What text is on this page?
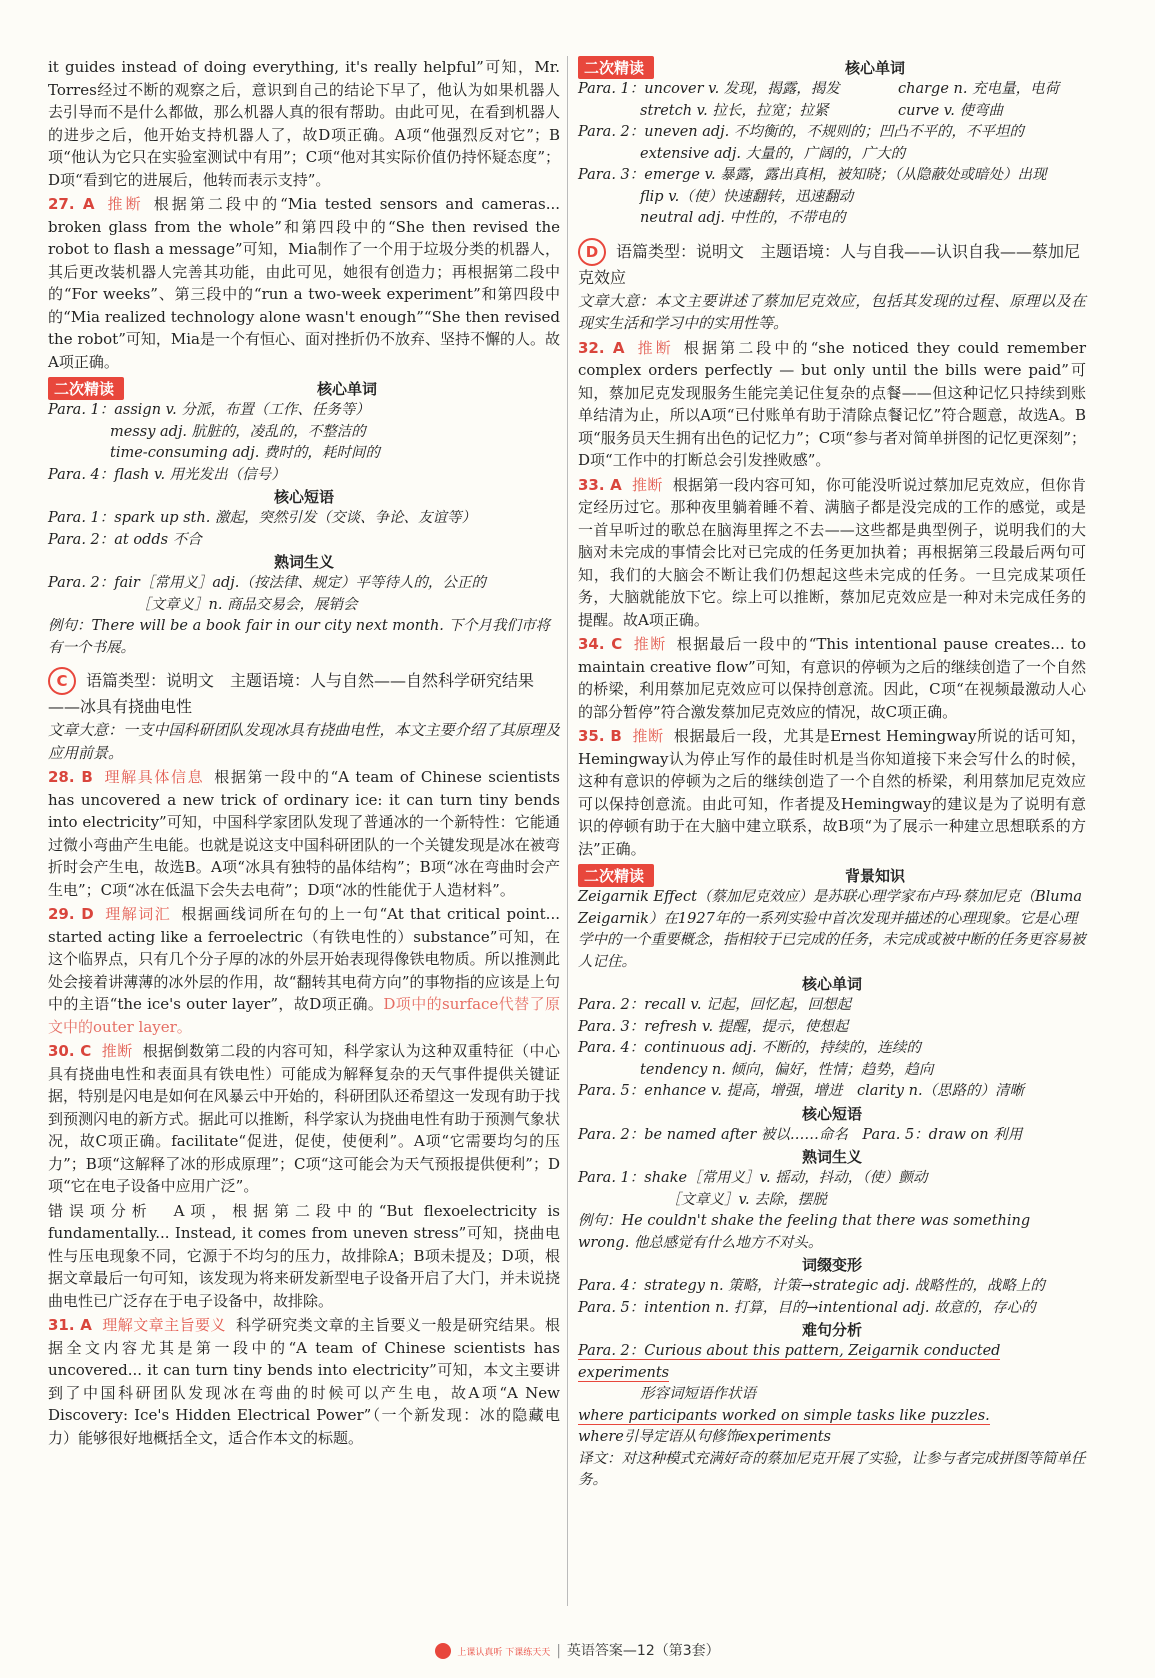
it guides instead of doing everything, it's really helpful”可知，Mr. Torres经过不断的观察之后，意识到自己的结论下早了，他认为如果机器人去引导而不是什么都做，那么机器人真的很有帮助。由此可见，在看到机器人的进步之后，他开始支持机器人了，故D项正确。A项“他强烈反对它”；B项“他认为它只在实验室测试中有用”；C项“他对其实际价值仍持怀疑态度”；D项“看到它的进展后，他转而表示支持”。

27. A 推断 根据第二段中的“Mia tested sensors and cameras... broken glass from the whole”和第四段中的“She then revised the robot to flash a message”可知，Mia制作了一个用于垃圾分类的机器人，其后更改装机器人完善其功能，由此可见，她很有创造力；再根据第二段中的“For weeks”、第三段中的“run a two-week experiment”和第四段中的“Mia realized technology alone wasn't enough”“She then revised the robot”可知，Mia是一个有恒心、面对挫折仍不放弃、坚持不懈的人。故A项正确。

二次精读	核心单词

Para. 1：assign v. 分派，布置（工作、任务等）

messy adj. 肮脏的，凌乱的，不整洁的

time-consuming adj. 费时的，耗时间的

Para. 4：flash v. 用光发出（信号）

核心短语

Para. 1：spark up sth. 激起，突然引发（交谈、争论、友谊等）

Para. 2：at odds 不合

熟词生义

Para. 2：fair［常用义］adj.（按法律、规定）平等待人的，公正的

［文章义］n. 商品交易会，展销会

例句：There will be a book fair in our city next month. 下个月我们市将有一个书展。

C 语篇类型：说明文　主题语境：人与自然——自然科学研究结果——冰具有挠曲电性

文章大意：一支中国科研团队发现冰具有挠曲电性，本文主要介绍了其原理及应用前景。

28. B 理解具体信息 根据第一段中的“A team of Chinese scientists has uncovered a new trick of ordinary ice: it can turn tiny bends into electricity”可知，中国科学家团队发现了普通冰的一个新特性：它能通过微小弯曲产生电能。也就是说这支中国科研团队的一个关键发现是冰在被弯折时会产生电，故选B。A项“冰具有独特的晶体结构”；B项“冰在弯曲时会产生电”；C项“冰在低温下会失去电荷”；D项“冰的性能优于人造材料”。

29. D 理解词汇 根据画线词所在句的上一句“At that critical point... started acting like a ferroelectric（有铁电性的）substance”可知，在这个临界点，只有几个分子厚的冰的外层开始表现得像铁电物质。所以推测此处会接着讲薄薄的冰外层的作用，故“翻转其电荷方向”的事物指的应该是上句中的主语“the ice's outer layer”，故D项正确。D项中的surface代替了原文中的outer layer。

30. C 推断 根据倒数第二段的内容可知，科学家认为这种双重特征（中心具有挠曲电性和表面具有铁电性）可能成为解释复杂的天气事件提供关键证据，特别是闪电是如何在风暴云中开始的，科研团队还希望这一发现有助于找到预测闪电的新方式。据此可以推断，科学家认为挠曲电性有助于预测气象状况，故C项正确。facilitate“促进，促使，使便利”。A项“它需要均匀的压力”；B项“这解释了冰的形成原理”；C项“这可能会为天气预报提供便利”；D项“它在电子设备中应用广泛”。

错误项分析　A项，根据第二段中的“But flexoelectricity is fundamentally... Instead, it comes from uneven stress”可知，挠曲电性与压电现象不同，它源于不均匀的压力，故排除A；B项未提及；D项，根据文章最后一句可知，该发现为将来研发新型电子设备开启了大门，并未说挠曲电性已广泛存在于电子设备中，故排除。

31. A 理解文章主旨要义 科学研究类文章的主旨要义一般是研究结果。根据全文内容尤其是第一段中的“A team of Chinese scientists has uncovered... it can turn tiny bends into electricity”可知，本文主要讲到了中国科研团队发现冰在弯曲的时候可以产生电，故A项“A New Discovery: Ice's Hidden Electrical Power”（一个新发现：冰的隐藏电力）能够很好地概括全文，适合作本文的标题。

二次精读	核心单词
Para. 1：uncover v. 发现，揭露，揭发	charge n. 充电量，电荷
stretch v. 拉长，拉宽；拉紧	curve v. 使弯曲

Para. 2：uneven adj. 不均衡的，不规则的；凹凸不平的，不平坦的

extensive adj. 大量的，广阔的，广大的

Para. 3：emerge v. 暴露，露出真相，被知晓；（从隐蔽处或暗处）出现

flip v.（使）快速翻转，迅速翻动

neutral adj. 中性的，不带电的

D 语篇类型：说明文　主题语境：人与自我——认识自我——蔡加尼克效应

文章大意：本文主要讲述了蔡加尼克效应，包括其发现的过程、原理以及在现实生活和学习中的实用性等。

32. A 推断 根据第二段中的“she noticed they could remember complex orders perfectly — but only until the bills were paid”可知，蔡加尼克发现服务生能完美记住复杂的点餐——但这种记忆只持续到账单结清为止，所以A项“已付账单有助于清除点餐记忆”符合题意，故选A。B项“服务员天生拥有出色的记忆力”；C项“参与者对简单拼图的记忆更深刻”；D项“工作中的打断总会引发挫败感”。

33. A 推断 根据第一段内容可知，你可能没听说过蔡加尼克效应，但你肯定经历过它。那种夜里躺着睡不着、满脑子都是没完成的工作的感觉，或是一首早听过的歌总在脑海里挥之不去——这些都是典型例子，说明我们的大脑对未完成的事情会比对已完成的任务更加执着；再根据第三段最后两句可知，我们的大脑会不断让我们仍想起这些未完成的任务。一旦完成某项任务，大脑就能放下它。综上可以推断，蔡加尼克效应是一种对未完成任务的提醒。故A项正确。

34. C 推断 根据最后一段中的“This intentional pause creates... to maintain creative flow”可知，有意识的停顿为之后的继续创造了一个自然的桥梁，利用蔡加尼克效应可以保持创意流。因此，C项“在视频最激动人心的部分暂停”符合激发蔡加尼克效应的情况，故C项正确。

35. B 推断 根据最后一段，尤其是Ernest Hemingway所说的话可知，Hemingway认为停止写作的最佳时机是当你知道接下来会写什么的时候，这种有意识的停顿为之后的继续创造了一个自然的桥梁，利用蔡加尼克效应可以保持创意流。由此可知，作者提及Hemingway的建议是为了说明有意识的停顿有助于在大脑中建立联系，故B项“为了展示一种建立思想联系的方法”正确。

二次精读	背景知识

Zeigarnik Effect（蔡加尼克效应）是苏联心理学家布卢玛·蔡加尼克（Bluma Zeigarnik）在1927年的一系列实验中首次发现并描述的心理现象。它是心理学中的一个重要概念，指相较于已完成的任务，未完成或被中断的任务更容易被人记住。

核心单词

Para. 2：recall v. 记起，回忆起，回想起

Para. 3：refresh v. 提醒，提示，使想起

Para. 4：continuous adj. 不断的，持续的，连续的

tendency n. 倾向，偏好，性情；趋势，趋向

Para. 5：enhance v. 提高，增强，增进　clarity n.（思路的）清晰

核心短语

Para. 2：be named after 被以……命名　Para. 5：draw on 利用

熟词生义

Para. 1：shake［常用义］v. 摇动，抖动，（使）颤动

［文章义］v. 去除，摆脱

例句：He couldn't shake the feeling that there was something wrong. 他总感觉有什么地方不对头。

词缀变形

Para. 4：strategy n. 策略，计策→strategic adj. 战略性的，战略上的

Para. 5：intention n. 打算，目的→intentional adj. 故意的，存心的

难句分析

Para. 2：Curious about this pattern, Zeigarnik conducted experiments

形容词短语作状语

where participants worked on simple tasks like puzzles.

where引导定语从句修饰experiments

译文：对这种模式充满好奇的蔡加尼克开展了实验，让参与者完成拼图等简单任务。

上课认真听 下课练天天 | 英语答案—12（第3套）
